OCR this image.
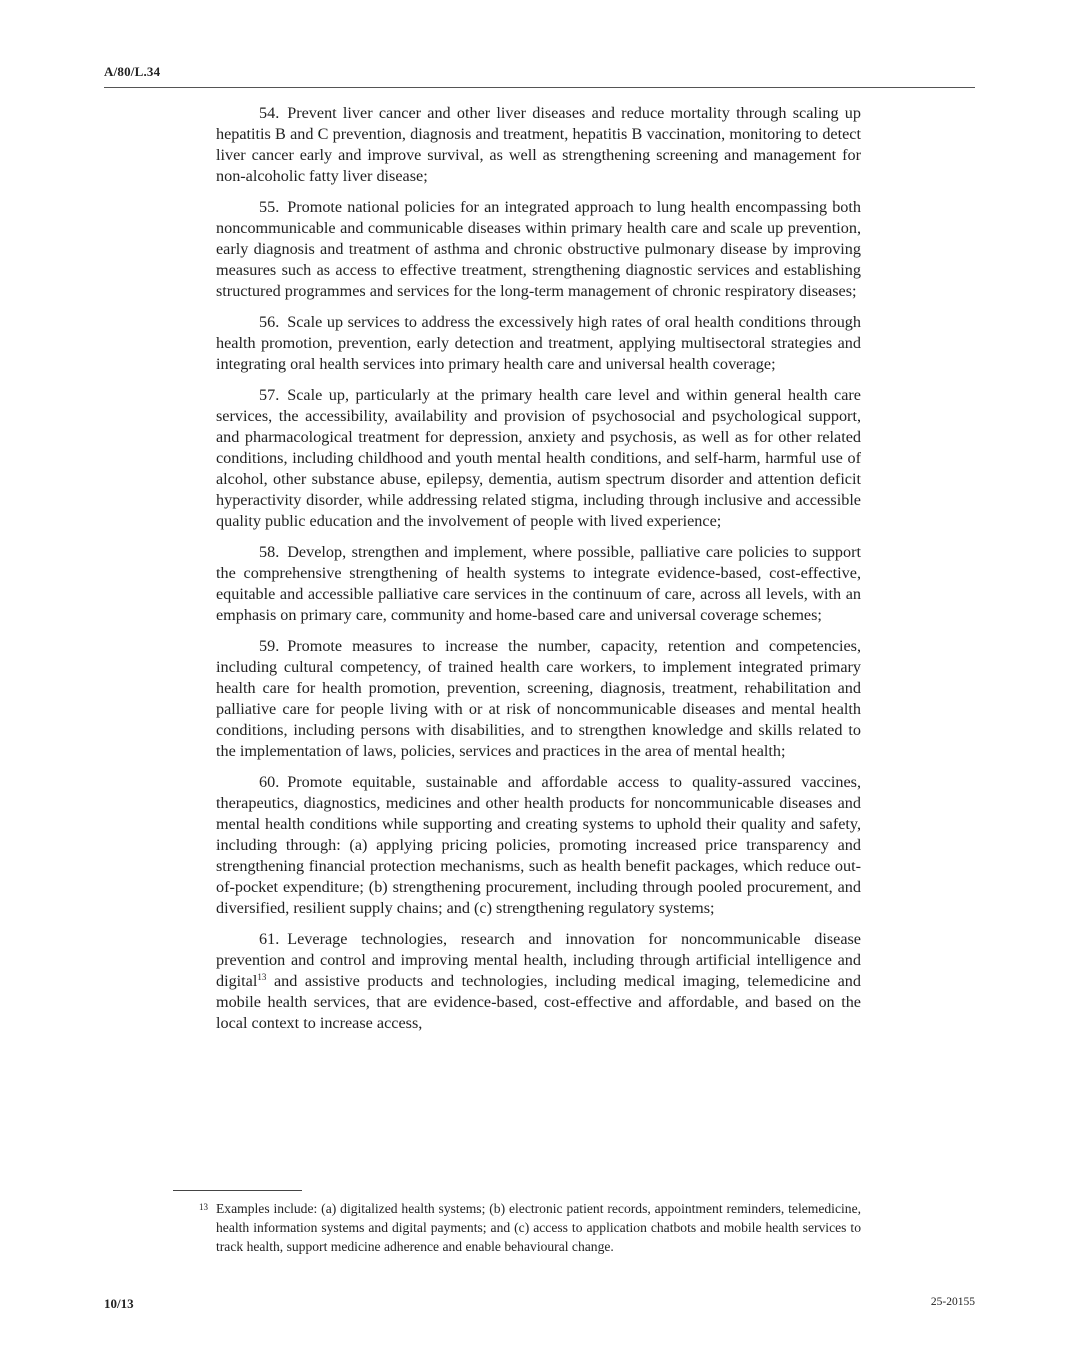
A/80/L.34

54. Prevent liver cancer and other liver diseases and reduce mortality through scaling up hepatitis B and C prevention, diagnosis and treatment, hepatitis B vaccination, monitoring to detect liver cancer early and improve survival, as well as strengthening screening and management for non-alcoholic fatty liver disease;

55. Promote national policies for an integrated approach to lung health encompassing both noncommunicable and communicable diseases within primary health care and scale up prevention, early diagnosis and treatment of asthma and chronic obstructive pulmonary disease by improving measures such as access to effective treatment, strengthening diagnostic services and establishing structured programmes and services for the long-term management of chronic respiratory diseases;

56. Scale up services to address the excessively high rates of oral health conditions through health promotion, prevention, early detection and treatment, applying multisectoral strategies and integrating oral health services into primary health care and universal health coverage;

57. Scale up, particularly at the primary health care level and within general health care services, the accessibility, availability and provision of psychosocial and psychological support, and pharmacological treatment for depression, anxiety and psychosis, as well as for other related conditions, including childhood and youth mental health conditions, and self-harm, harmful use of alcohol, other substance abuse, epilepsy, dementia, autism spectrum disorder and attention deficit hyperactivity disorder, while addressing related stigma, including through inclusive and accessible quality public education and the involvement of people with lived experience;

58. Develop, strengthen and implement, where possible, palliative care policies to support the comprehensive strengthening of health systems to integrate evidence-based, cost-effective, equitable and accessible palliative care services in the continuum of care, across all levels, with an emphasis on primary care, community and home-based care and universal coverage schemes;

59. Promote measures to increase the number, capacity, retention and competencies, including cultural competency, of trained health care workers, to implement integrated primary health care for health promotion, prevention, screening, diagnosis, treatment, rehabilitation and palliative care for people living with or at risk of noncommunicable diseases and mental health conditions, including persons with disabilities, and to strengthen knowledge and skills related to the implementation of laws, policies, services and practices in the area of mental health;

60. Promote equitable, sustainable and affordable access to quality-assured vaccines, therapeutics, diagnostics, medicines and other health products for noncommunicable diseases and mental health conditions while supporting and creating systems to uphold their quality and safety, including through: (a) applying pricing policies, promoting increased price transparency and strengthening financial protection mechanisms, such as health benefit packages, which reduce out-of-pocket expenditure; (b) strengthening procurement, including through pooled procurement, and diversified, resilient supply chains; and (c) strengthening regulatory systems;

61. Leverage technologies, research and innovation for noncommunicable disease prevention and control and improving mental health, including through artificial intelligence and digital$^{13}$ and assistive products and technologies, including medical imaging, telemedicine and mobile health services, that are evidence-based, cost-effective and affordable, and based on the local context to increase access,

13 Examples include: (a) digitalized health systems; (b) electronic patient records, appointment reminders, telemedicine, health information systems and digital payments; and (c) access to application chatbots and mobile health services to track health, support medicine adherence and enable behavioural change.
10/13	25-20155
